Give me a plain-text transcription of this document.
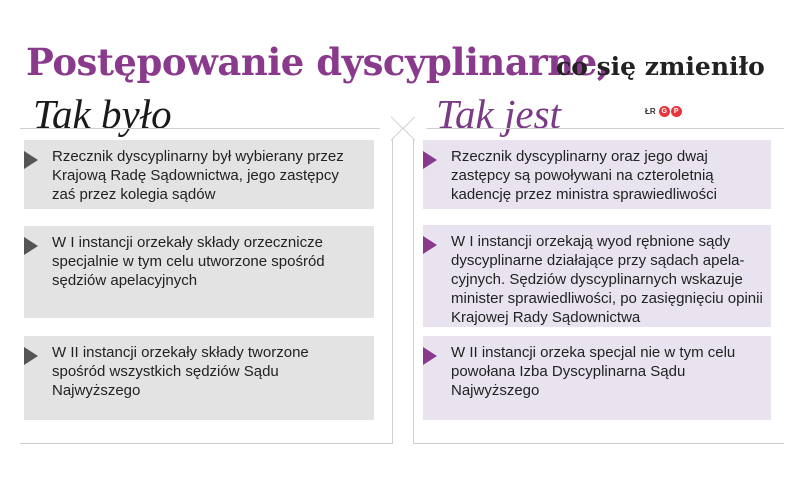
Postępowanie dyscyplinarne,
co się zmieniło
Tak było	Tak jest	ŁR G P

Rzecznik dyscyplinarny był wybierany przez Krajową Radę Sądownictwa, jego zastępcy zaś przez kolegia sądów

W I instancji orzekały składy orzecznicze specjalnie w tym celu utworzone spośród sędziów apelacyjnych

W II instancji orzekały składy tworzone spośród wszystkich sędziów Sądu Najwyższego

Rzecznik dyscyplinarny oraz jego dwaj zastępcy są powoływani na czteroletnią kadencję przez ministra sprawiedliwości

W I instancji orzekają wyod rębnione sądy dyscyplinarne działające przy sądach apela-cyjnych. Sędziów dyscyplinarnych wskazuje minister sprawiedliwości, po zasięgnięciu opinii Krajowej Rady Sądownictwa

W II instancji orzeka specjal nie w tym celu powołana Izba Dyscyplinarna Sądu Najwyższego
